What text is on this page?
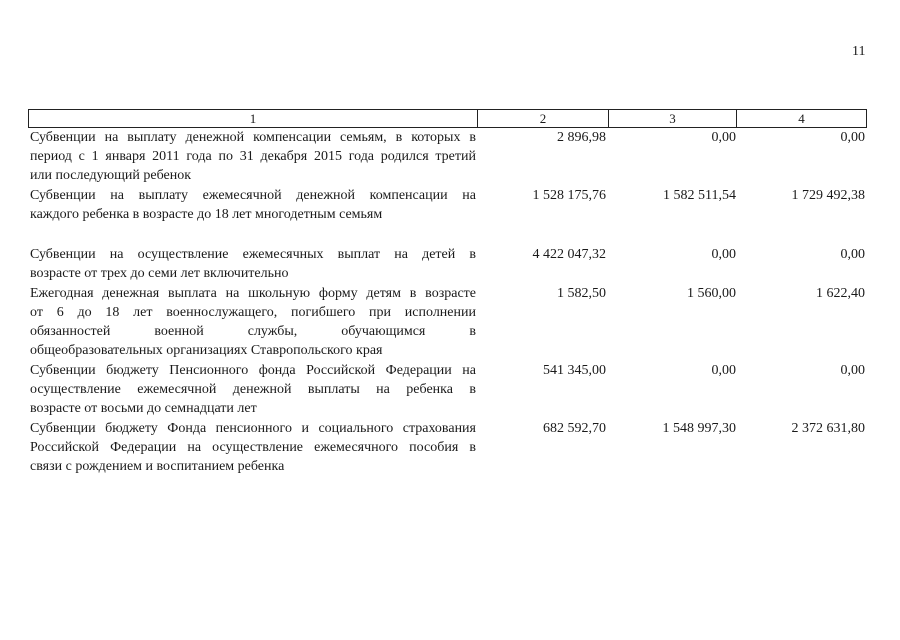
11
1	2	3	4
Субвенции на выплату денежной компенсации семьям, в которых в
период с 1 января 2011 года по 31 декабря 2015 года родился третий
или последующий ребенок
2 896,98	0,00	0,00
Субвенции на выплату ежемесячной денежной компенсации на
каждого ребенка в возрасте до 18 лет многодетным семьям
1 528 175,76	1 582 511,54	1 729 492,38
Субвенции на осуществление ежемесячных выплат на детей в
возрасте от трех до семи лет включительно
4 422 047,32	0,00	0,00
Ежегодная денежная выплата на школьную форму детям в возрасте
от 6 до 18 лет военнослужащего, погибшего при исполнении
обязанностей военной службы, обучающимся в
общеобразовательных организациях Ставропольского края
1 582,50	1 560,00	1 622,40
Субвенции бюджету Пенсионного фонда Российской Федерации на
осуществление ежемесячной денежной выплаты на ребенка в
возрасте от восьми до семнадцати лет
541 345,00	0,00	0,00
Субвенции бюджету Фонда пенсионного и социального страхования
Российской Федерации на осуществление ежемесячного пособия в
связи с рождением и воспитанием ребенка
682 592,70	1 548 997,30	2 372 631,80
